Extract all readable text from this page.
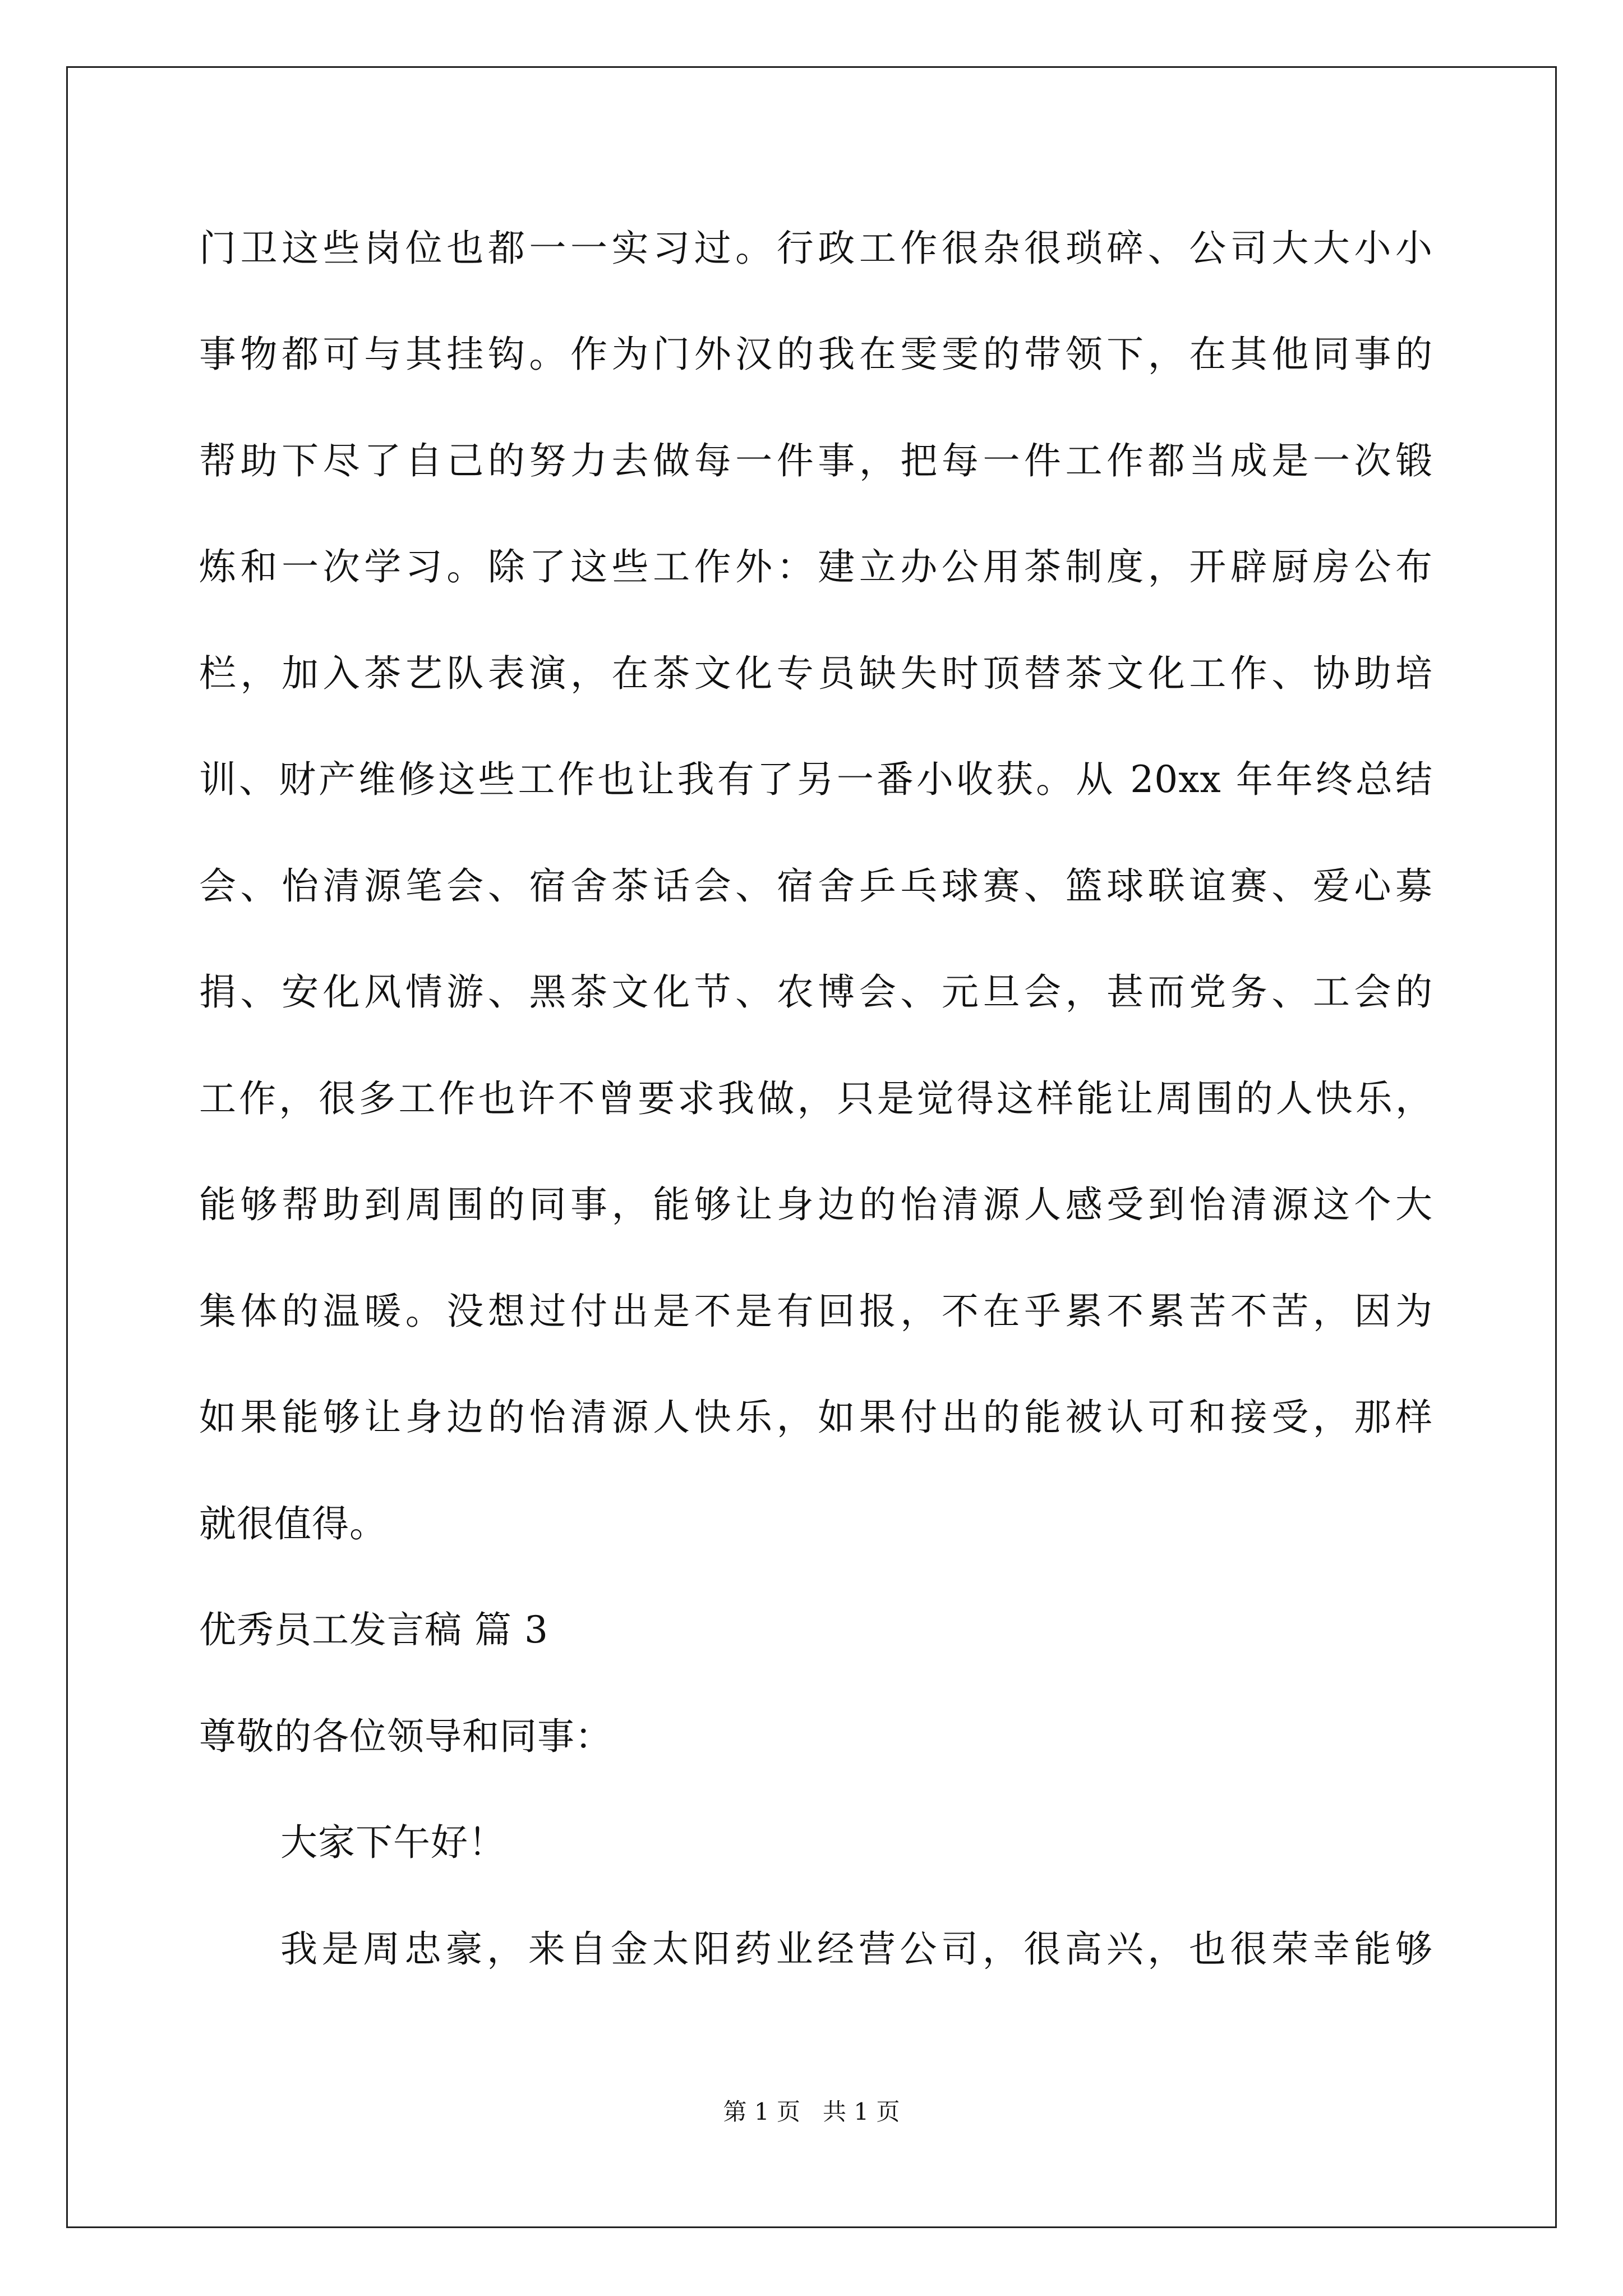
门卫这些岗位也都一一实习过。行政工作很杂很琐碎、公司大大小小
事物都可与其挂钩。作为门外汉的我在雯雯的带领下，在其他同事的
帮助下尽了自己的努力去做每一件事，把每一件工作都当成是一次锻
炼和一次学习。除了这些工作外：建立办公用茶制度，开辟厨房公布
栏，加入茶艺队表演，在茶文化专员缺失时顶替茶文化工作、协助培
训、财产维修这些工作也让我有了另一番小收获。从 20xx 年年终总结
会、怡清源笔会、宿舍茶话会、宿舍乒乓球赛、篮球联谊赛、爱心募
捐、安化风情游、黑茶文化节、农博会、元旦会，甚而党务、工会的
工作，很多工作也许不曾要求我做，只是觉得这样能让周围的人快乐，
能够帮助到周围的同事，能够让身边的怡清源人感受到怡清源这个大
集体的温暖。没想过付出是不是有回报，不在乎累不累苦不苦，因为
如果能够让身边的怡清源人快乐，如果付出的能被认可和接受，那样
就很值得。
优秀员工发言稿 篇 3
尊敬的各位领导和同事：
大家下午好！
我是周忠豪，来自金太阳药业经营公司，很高兴，也很荣幸能够
第 1 页   共 1 页
